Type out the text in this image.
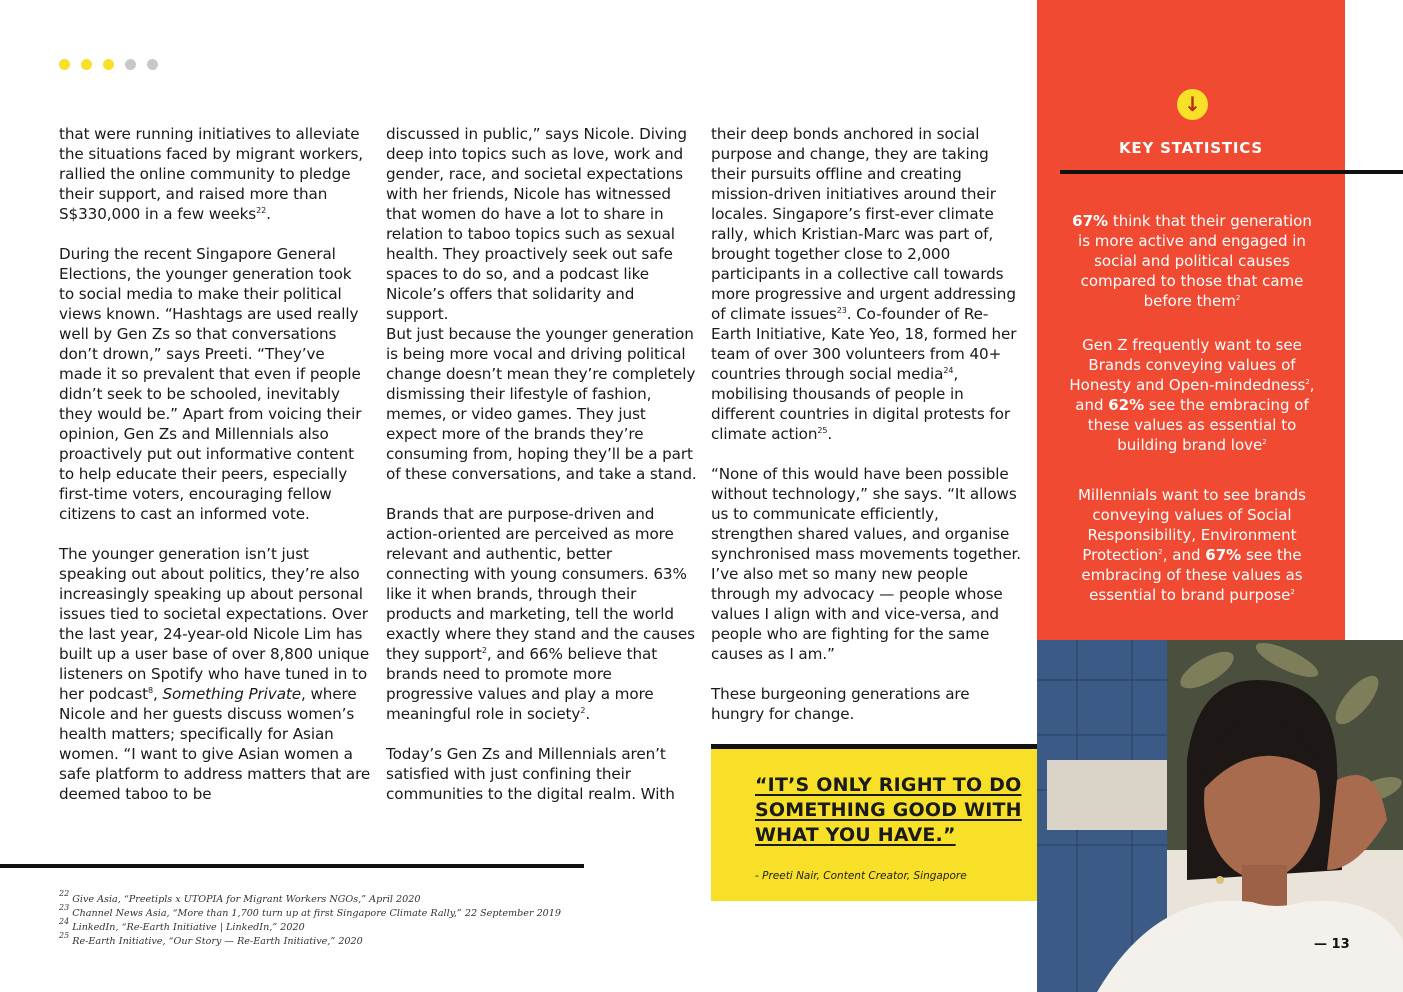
that were running initiatives to alleviate the situations faced by migrant workers, rallied the online community to pledge their support, and raised more than S$330,000 in a few weeks$^{22}$.

During the recent Singapore General Elections, the younger generation took to social media to make their political views known. “Hashtags are used really well by Gen Zs so that conversations don’t drown,” says Preeti. “They’ve made it so prevalent that even if people didn’t seek to be schooled, inevitably they would be.” Apart from voicing their opinion, Gen Zs and Millennials also proactively put out informative content to help educate their peers, especially first-time voters, encouraging fellow citizens to cast an informed vote.

The younger generation isn’t just speaking out about politics, they’re also increasingly speaking up about personal issues tied to societal expectations. Over the last year, 24-year-old Nicole Lim has built up a user base of over 8,800 unique listeners on Spotify who have tuned in to her podcast$^8$, Something Private, where Nicole and her guests discuss women’s health matters; specifically for Asian women. “I want to give Asian women a safe platform to address matters that are deemed taboo to be

discussed in public,” says Nicole. Diving deep into topics such as love, work and gender, race, and societal expectations with her friends, Nicole has witnessed that women do have a lot to share in relation to taboo topics such as sexual health. They proactively seek out safe spaces to do so, and a podcast like Nicole’s offers that solidarity and support.

But just because the younger generation is being more vocal and driving political change doesn’t mean they’re completely dismissing their lifestyle of fashion, memes, or video games. They just expect more of the brands they’re consuming from, hoping they’ll be a part of these conversations, and take a stand.

Brands that are purpose-driven and action-oriented are perceived as more relevant and authentic, better connecting with young consumers. 63% like it when brands, through their products and marketing, tell the world exactly where they stand and the causes they support$^2$, and 66% believe that brands need to promote more progressive values and play a more meaningful role in society$^2$.

Today’s Gen Zs and Millennials aren’t satisfied with just confining their communities to the digital realm. With

their deep bonds anchored in social purpose and change, they are taking their pursuits offline and creating mission-driven initiatives around their locales. Singapore’s first-ever climate rally, which Kristian-Marc was part of, brought together close to 2,000 participants in a collective call towards more progressive and urgent addressing of climate issues$^{23}$. Co-founder of Re-Earth Initiative, Kate Yeo, 18, formed her team of over 300 volunteers from 40+ countries through social media$^{24}$, mobilising thousands of people in different countries in digital protests for climate action$^{25}$.

“None of this would have been possible without technology,” she says. “It allows us to communicate efficiently, strengthen shared values, and organise synchronised mass movements together. I’ve also met so many new people through my advocacy — people whose values I align with and vice-versa, and people who are fighting for the same causes as I am.”

These burgeoning generations are hungry for change.

$^{22}$ Give Asia, “Preetipls x UTOPIA for Migrant Workers NGOs,” April 2020
$^{23}$ Channel News Asia, “More than 1,700 turn up at first Singapore Climate Rally,” 22 September 2019
$^{24}$ LinkedIn, “Re-Earth Initiative | LinkedIn,” 2020
$^{25}$ Re-Earth Initiative, “Our Story — Re-Earth Initiative,” 2020
“IT’S ONLY RIGHT TO DO SOMETHING GOOD WITH WHAT YOU HAVE.”
- Preeti Nair, Content Creator, Singapore
↓
KEY STATISTICS
67% think that their generation is more active and engaged in social and political causes compared to those that came before them$^2$
Gen Z frequently want to see Brands conveying values of Honesty and Open-mindedness$^2$, and 62% see the embracing of these values as essential to building brand love$^2$
Millennials want to see brands conveying values of Social Responsibility, Environment Protection$^2$, and 67% see the embracing of these values as essential to brand purpose$^2$
— 13
